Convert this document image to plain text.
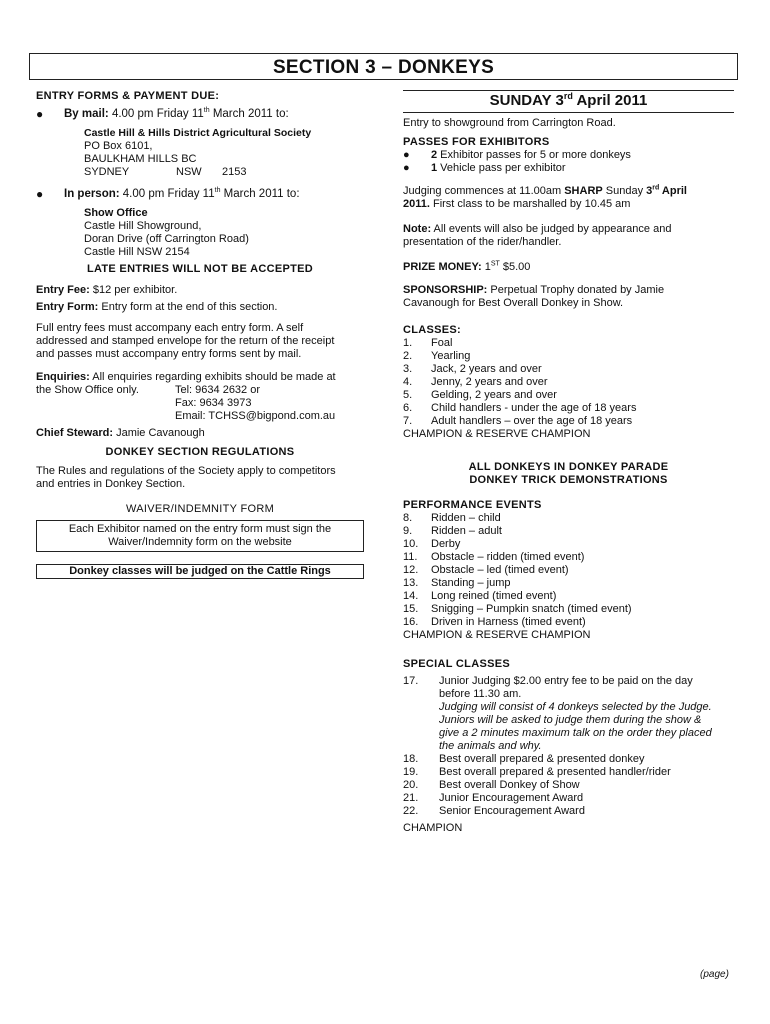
SECTION 3 – DONKEYS
ENTRY FORMS & PAYMENT DUE:
● By mail: 4.00 pm Friday 11th March 2011 to:
Castle Hill & Hills District Agricultural Society
PO Box 6101,
BAULKHAM HILLS BC
SYDNEY	NSW	2153
● In person: 4.00 pm Friday 11th March 2011 to:
Show Office
Castle Hill Showground,
Doran Drive (off Carrington Road)
Castle Hill NSW 2154
LATE ENTRIES WILL NOT BE ACCEPTED
Entry Fee: $12 per exhibitor.
Entry Form: Entry form at the end of this section.
Full entry fees must accompany each entry form. A self
addressed and stamped envelope for the return of the receipt
and passes must accompany entry forms sent by mail.
Enquiries: All enquiries regarding exhibits should be made at
the Show Office only.	Tel: 9634 2632 or
Fax: 9634 3973
Email: TCHSS@bigpond.com.au
Chief Steward: Jamie Cavanough
DONKEY SECTION REGULATIONS
The Rules and regulations of the Society apply to competitors
and entries in Donkey Section.
WAIVER/INDEMNITY FORM
Each Exhibitor named on the entry form must sign the
Waiver/Indemnity form on the website
Donkey classes will be judged on the Cattle Rings
SUNDAY 3rd April 2011
Entry to showground from Carrington Road.
PASSES FOR EXHIBITORS
● 2 Exhibitor passes for 5 or more donkeys
● 1 Vehicle pass per exhibitor
Judging commences at 11.00am SHARP Sunday 3rd April
2011. First class to be marshalled by 10.45 am
Note: All events will also be judged by appearance and
presentation of the rider/handler.
PRIZE MONEY: 1ST $5.00
SPONSORSHIP: Perpetual Trophy donated by Jamie
Cavanough for Best Overall Donkey in Show.
CLASSES:
1.	Foal
2.	Yearling
3.	Jack, 2 years and over
4.	Jenny, 2 years and over
5.	Gelding, 2 years and over
6.	Child handlers - under the age of 18 years
7.	Adult handlers – over the age of 18 years
CHAMPION & RESERVE CHAMPION
ALL DONKEYS IN DONKEY PARADE
DONKEY TRICK DEMONSTRATIONS
PERFORMANCE EVENTS
8.	Ridden – child
9.	Ridden – adult
10.	Derby
11.	Obstacle – ridden (timed event)
12.	Obstacle – led (timed event)
13.	Standing – jump
14.	Long reined (timed event)
15.	Snigging – Pumpkin snatch (timed event)
16.	Driven in Harness (timed event)
CHAMPION & RESERVE CHAMPION
SPECIAL CLASSES
17.	Junior Judging $2.00 entry fee to be paid on the day
before 11.30 am.
Judging will consist of 4 donkeys selected by the Judge.
Juniors will be asked to judge them during the show &
give a 2 minutes maximum talk on the order they placed
the animals and why.
18.	Best overall prepared & presented donkey
19.	Best overall prepared & presented handler/rider
20.	Best overall Donkey of Show
21.	Junior Encouragement Award
22.	Senior Encouragement Award
CHAMPION
(page)
